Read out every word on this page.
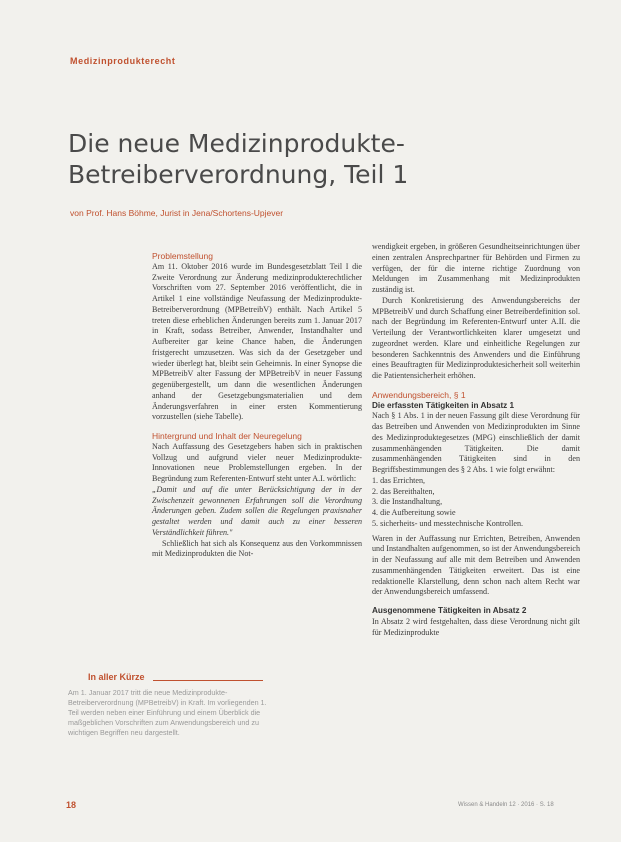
Medizinprodukterecht
Die neue Medizinprodukte-
Betreiberverordnung, Teil 1
von Prof. Hans Böhme, Jurist in Jena/Schortens-Upjever

Problemstellung

Am 11. Oktober 2016 wurde im Bundesgesetzblatt Teil I die Zweite Verordnung zur Änderung medizinprodukterechtlicher Vorschriften vom 27. September 2016 veröffentlicht, die in Artikel 1 eine vollständige Neufassung der Medizinprodukte-Betreiberverordnung (MPBetreibV) enthält. Nach Artikel 5 treten diese erheblichen Änderungen bereits zum 1. Januar 2017 in Kraft, sodass Betreiber, Anwender, Instandhalter und Aufbereiter gar keine Chance haben, die Änderungen fristgerecht umzusetzen. Was sich da der Gesetzgeber und wieder überlegt hat, bleibt sein Geheimnis. In einer Synopse die MPBetreibV alter Fassung der MPBetreibV in neuer Fassung gegenübergestellt, um dann die wesentlichen Änderungen anhand der Gesetzgebungsmaterialien und dem Änderungsverfahren in einer ersten Kommentierung vorzustellen (siehe Tabelle).

Hintergrund und Inhalt der Neuregelung

Nach Auffassung des Gesetzgebers haben sich in praktischen Vollzug und aufgrund vieler neuer Medizinprodukte-Innovationen neue Problemstellungen ergeben. In der Begründung zum Referenten-Entwurf steht unter A.I. wörtlich:

„Damit und auf die unter Berücksichtigung der in der Zwischenzeit gewonnenen Erfahrungen soll die Verordnung Änderungen geben. Zudem sollen die Regelungen praxisnaher gestaltet werden und damit auch zu einer besseren Verständlichkeit führen."

Schließlich hat sich als Konsequenz aus den Vorkommnissen mit Medizinprodukten die Not-

wendigkeit ergeben, in größeren Gesundheitseinrichtungen über einen zentralen Ansprechpartner für Behörden und Firmen zu verfügen, der für die interne richtige Zuordnung von Meldungen im Zusammenhang mit Medizinprodukten zuständig ist.

Durch Konkretisierung des Anwendungsbereichs der MPBetreibV und durch Schaffung einer Betreiberdefinition sol. nach der Begründung im Referenten-Entwurf unter A.II. die Verteilung der Verantwortlichkeiten klarer umgesetzt und zugeordnet werden. Klare und einheitliche Regelungen zur besonderen Sachkenntnis des Anwenders und die Einführung eines Beauftragten für Medizinproduktesicherheit soll weiterhin die Patientensicherheit erhöhen.

Anwendungsbereich, § 1

Die erfassten Tätigkeiten in Absatz 1

Nach § 1 Abs. 1 in der neuen Fassung gilt diese Verordnung für das Betreiben und Anwenden von Medizinprodukten im Sinne des Medizinproduktegesetzes (MPG) einschließlich der damit zusammenhängenden Tätigkeiten. Die damit zusammenhängenden Tätigkeiten sind in den Begriffsbestimmungen des § 2 Abs. 1 wie folgt erwähnt:

1. das Errichten,
2. das Bereithalten,
3. die Instandhaltung,
4. die Aufbereitung sowie
5. sicherheits- und messtechnische Kontrollen.

Waren in der Auffassung nur Errichten, Betreiben, Anwenden und Instandhalten aufgenommen, so ist der Anwendungsbereich in der Neufassung auf alle mit dem Betreiben und Anwenden zusammenhängenden Tätigkeiten erweitert. Das ist eine redaktionelle Klarstellung, denn schon nach altem Recht war der Anwendungsbereich umfassend.

Ausgenommene Tätigkeiten in Absatz 2

In Absatz 2 wird festgehalten, dass diese Verordnung nicht gilt für Medizinprodukte

In aller Kürze
Am 1. Januar 2017 tritt die neue Medizinprodukte-Betreiberverordnung (MPBetreibV) in Kraft. Im vorliegenden 1. Teil werden neben einer Einführung und einem Überblick die maßgeblichen Vorschriften zum Anwendungsbereich und zu wichtigen Begriffen neu dargestellt.
18	Wissen & Handeln 12 · 2016 · S. 18
